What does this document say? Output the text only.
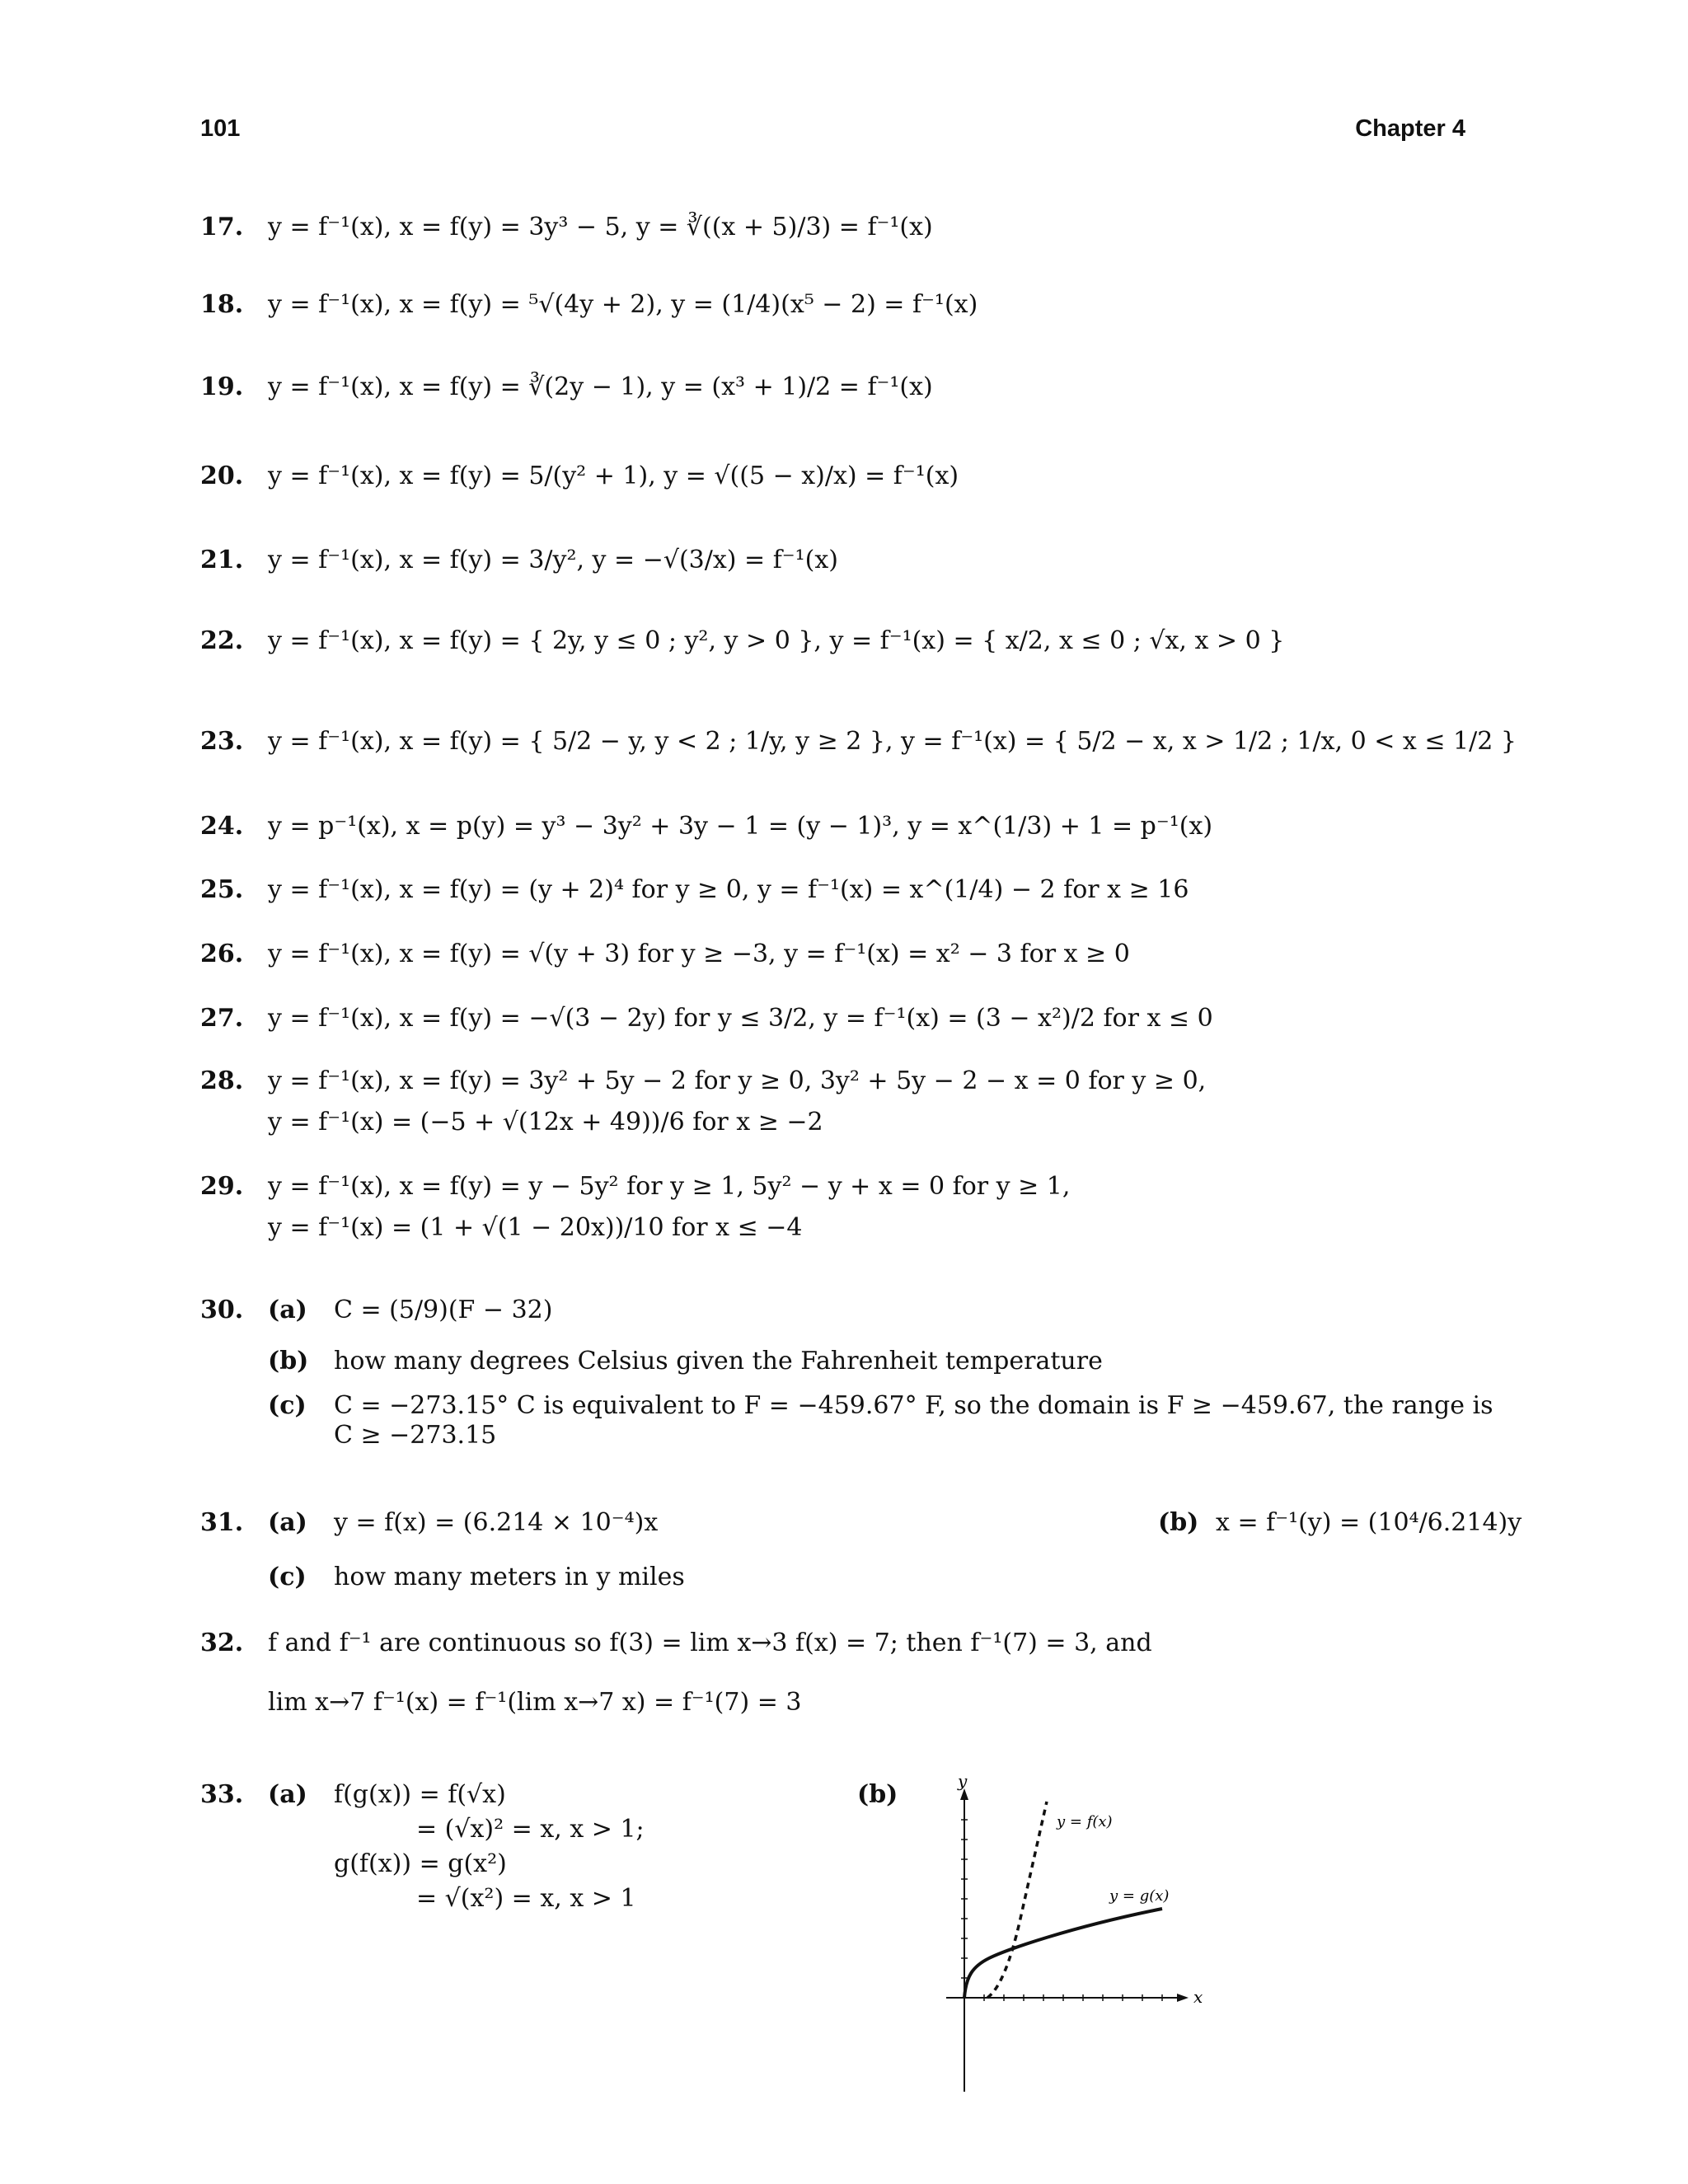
101	Chapter 4
17. y = f⁻¹(x), x = f(y) = 3y³ − 5, y = ∛((x + 5)/3) = f⁻¹(x)
18. y = f⁻¹(x), x = f(y) = ⁵√(4y + 2), y = (1/4)(x⁵ − 2) = f⁻¹(x)
19. y = f⁻¹(x), x = f(y) = ∛(2y − 1), y = (x³ + 1)/2 = f⁻¹(x)
20. y = f⁻¹(x), x = f(y) = 5/(y² + 1), y = √((5 − x)/x) = f⁻¹(x)
21. y = f⁻¹(x), x = f(y) = 3/y², y = −√(3/x) = f⁻¹(x)
22. y = f⁻¹(x), x = f(y) = { 2y, y ≤ 0 ; y², y > 0 }, y = f⁻¹(x) = { x/2, x ≤ 0 ; √x, x > 0 }
23. y = f⁻¹(x), x = f(y) = { 5/2 − y, y < 2 ; 1/y, y ≥ 2 }, y = f⁻¹(x) = { 5/2 − x, x > 1/2 ; 1/x, 0 < x ≤ 1/2 }
24. y = p⁻¹(x), x = p(y) = y³ − 3y² + 3y − 1 = (y − 1)³, y = x^(1/3) + 1 = p⁻¹(x)
25. y = f⁻¹(x), x = f(y) = (y + 2)⁴ for y ≥ 0, y = f⁻¹(x) = x^(1/4) − 2 for x ≥ 16
26. y = f⁻¹(x), x = f(y) = √(y + 3) for y ≥ −3, y = f⁻¹(x) = x² − 3 for x ≥ 0
27. y = f⁻¹(x), x = f(y) = −√(3 − 2y) for y ≤ 3/2, y = f⁻¹(x) = (3 − x²)/2 for x ≤ 0
28. y = f⁻¹(x), x = f(y) = 3y² + 5y − 2 for y ≥ 0, 3y² + 5y − 2 − x = 0 for y ≥ 0,
y = f⁻¹(x) = (−5 + √(12x + 49))/6 for x ≥ −2
29. y = f⁻¹(x), x = f(y) = y − 5y² for y ≥ 1, 5y² − y + x = 0 for y ≥ 1,
y = f⁻¹(x) = (1 + √(1 − 20x))/10 for x ≤ −4
30. (a) C = (5/9)(F − 32)
(b) how many degrees Celsius given the Fahrenheit temperature
(c) C = −273.15° C is equivalent to F = −459.67° F, so the domain is F ≥ −459.67, the range is
C ≥ −273.15
31. (a) y = f(x) = (6.214 × 10⁻⁴)x	(b) x = f⁻¹(y) = (10⁴/6.214)y
(c) how many meters in y miles
32. f and f⁻¹ are continuous so f(3) = lim x→3 f(x) = 7; then f⁻¹(7) = 3, and
lim x→7 f⁻¹(x) = f⁻¹(lim x→7 x) = f⁻¹(7) = 3
33. (a) f(g(x)) = f(√x)
= (√x)² = x, x > 1;
g(f(x)) = g(x²)
= √(x²) = x, x > 1
(b)	y
x
y = f(x)
y = g(x)
